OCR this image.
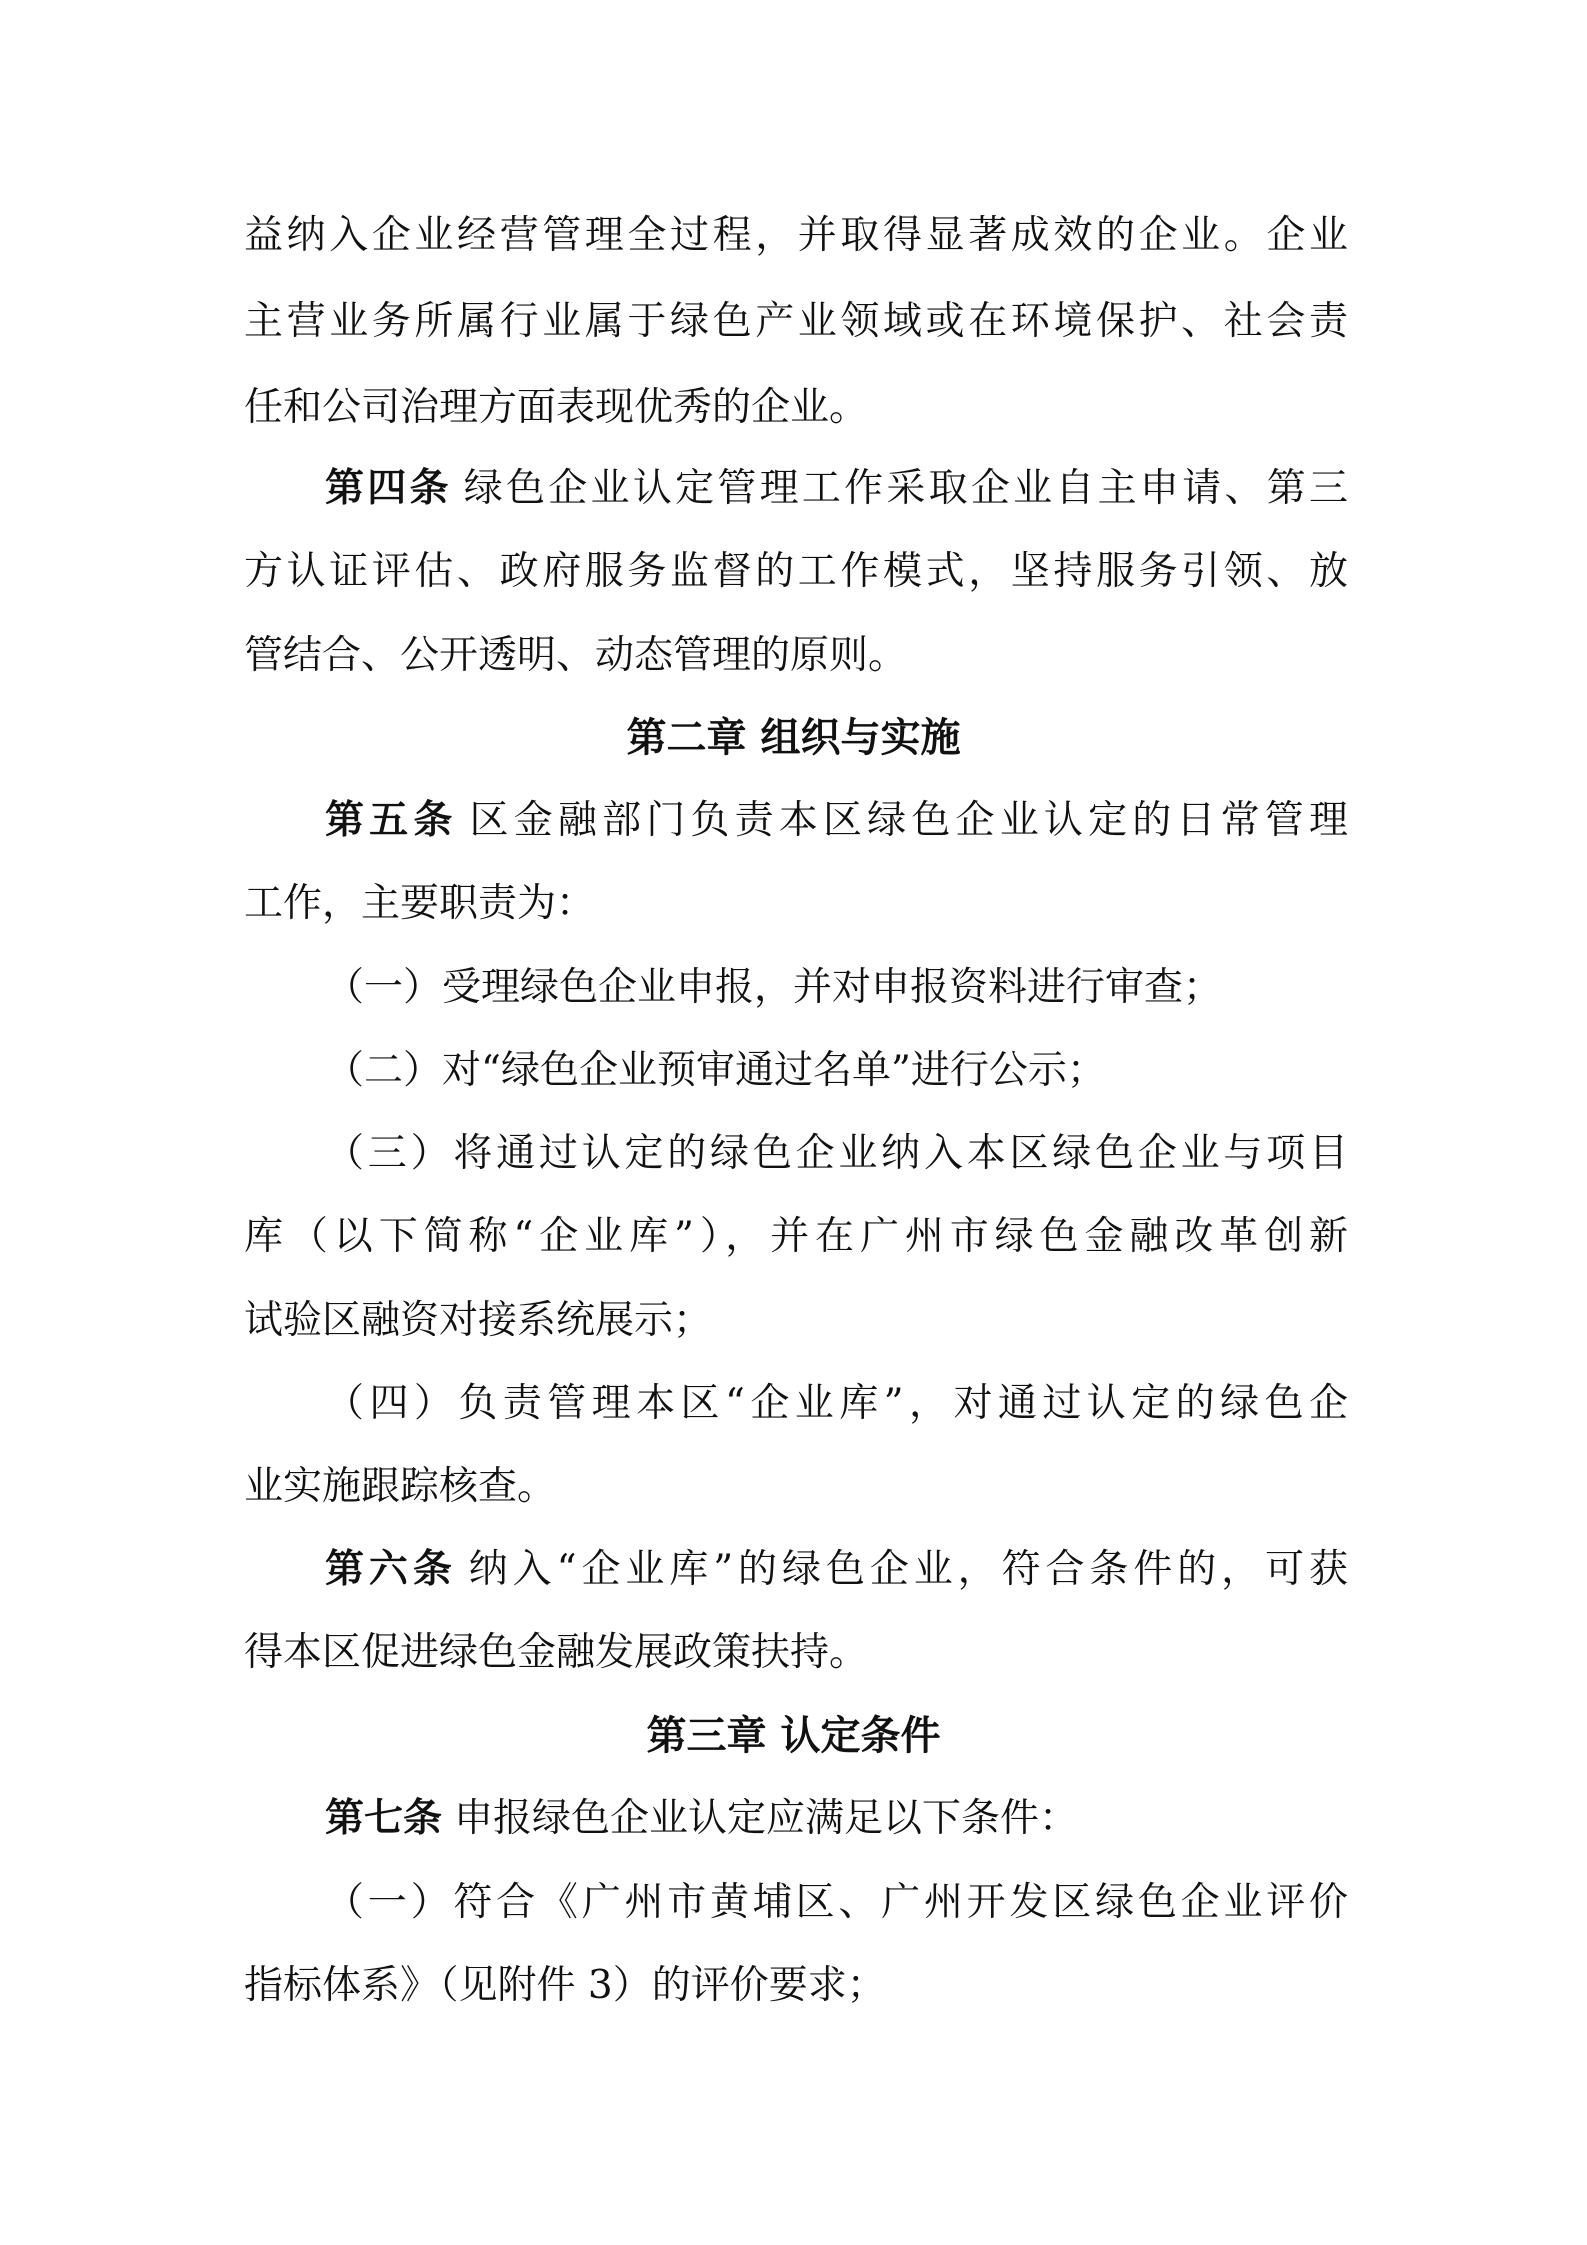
益纳入企业经营管理全过程，并取得显著成效的企业。企业
主营业务所属行业属于绿色产业领域或在环境保护、社会责
任和公司治理方面表现优秀的企业。
第四条 绿色企业认定管理工作采取企业自主申请、第三
方认证评估、政府服务监督的工作模式，坚持服务引领、放
管结合、公开透明、动态管理的原则。
第二章 组织与实施
第五条 区金融部门负责本区绿色企业认定的日常管理
工作，主要职责为：
（一）受理绿色企业申报，并对申报资料进行审查；
（二）对“绿色企业预审通过名单”进行公示；
（三）将通过认定的绿色企业纳入本区绿色企业与项目
库（以下简称“企业库”），并在广州市绿色金融改革创新
试验区融资对接系统展示；
（四）负责管理本区“企业库”，对通过认定的绿色企
业实施跟踪核查。
第六条 纳入“企业库”的绿色企业，符合条件的，可获
得本区促进绿色金融发展政策扶持。
第三章 认定条件
第七条 申报绿色企业认定应满足以下条件：
（一）符合《广州市黄埔区、广州开发区绿色企业评价
指标体系》（见附件 3）的评价要求；
